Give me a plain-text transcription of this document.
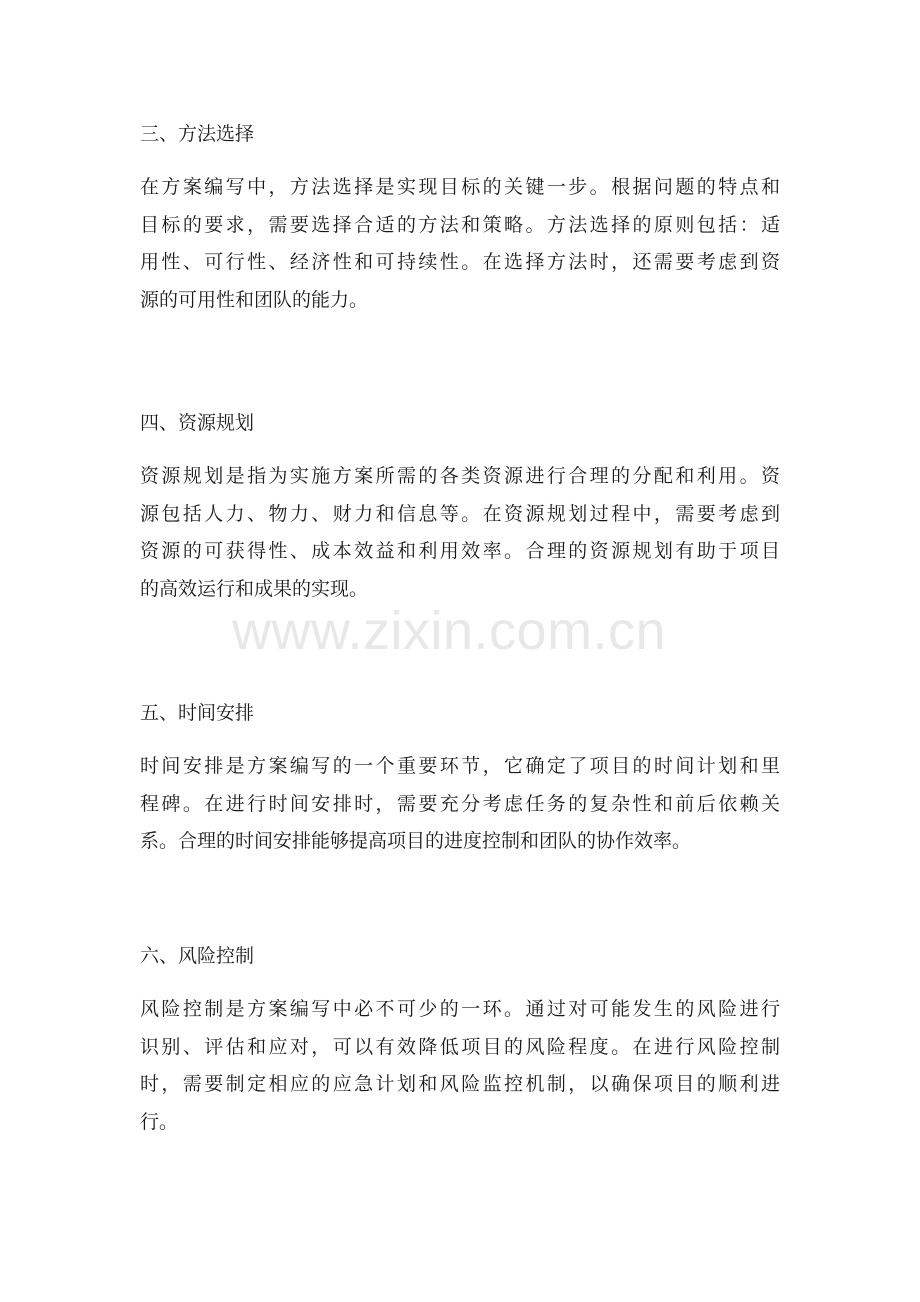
三、方法选择
在方案编写中，方法选择是实现目标的关键一步。根据问题的特点和
目标的要求，需要选择合适的方法和策略。方法选择的原则包括：适
用性、可行性、经济性和可持续性。在选择方法时，还需要考虑到资
源的可用性和团队的能力。
四、资源规划
资源规划是指为实施方案所需的各类资源进行合理的分配和利用。资
源包括人力、物力、财力和信息等。在资源规划过程中，需要考虑到
资源的可获得性、成本效益和利用效率。合理的资源规划有助于项目
的高效运行和成果的实现。
五、时间安排
时间安排是方案编写的一个重要环节，它确定了项目的时间计划和里
程碑。在进行时间安排时，需要充分考虑任务的复杂性和前后依赖关
系。合理的时间安排能够提高项目的进度控制和团队的协作效率。
六、风险控制
风险控制是方案编写中必不可少的一环。通过对可能发生的风险进行
识别、评估和应对，可以有效降低项目的风险程度。在进行风险控制
时，需要制定相应的应急计划和风险监控机制，以确保项目的顺利进
行。
www.zixin.com.cn
